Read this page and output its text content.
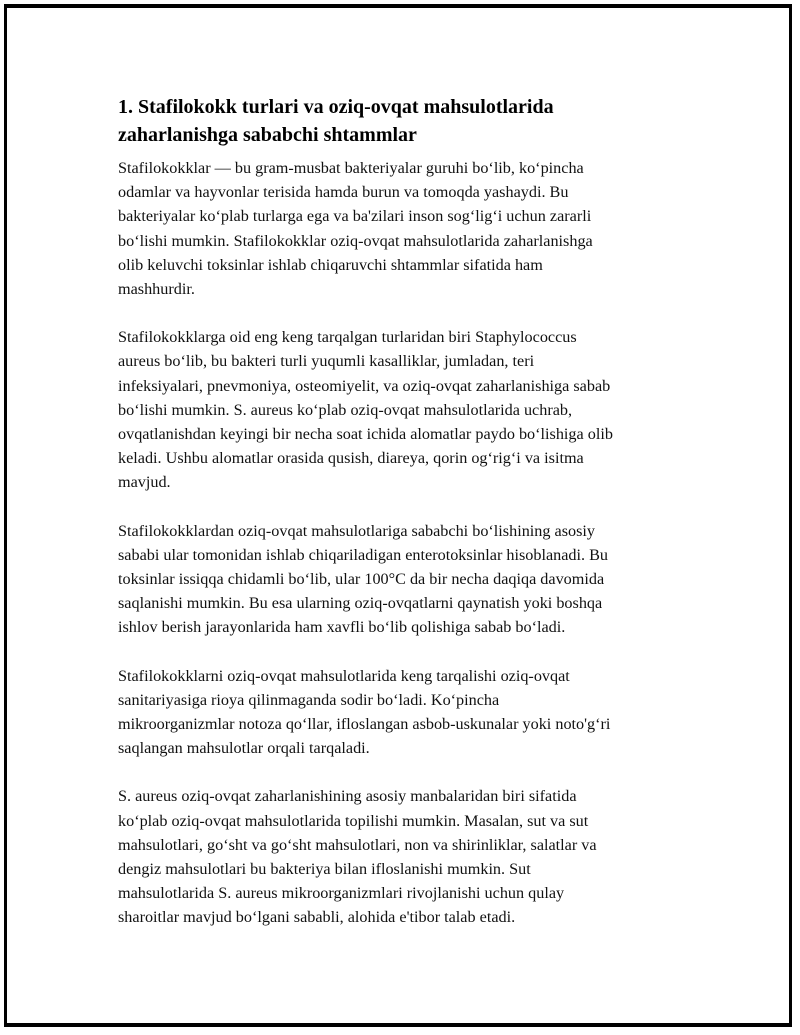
1. Stafilokokk turlari va oziq-ovqat mahsulotlarida
zaharlanishga sababchi shtammlar

Stafilokokklar — bu gram-musbat bakteriyalar guruhi bo‘lib, ko‘pincha
odamlar va hayvonlar terisida hamda burun va tomoqda yashaydi. Bu
bakteriyalar ko‘plab turlarga ega va ba'zilari inson sog‘lig‘i uchun zararli
bo‘lishi mumkin. Stafilokokklar oziq-ovqat mahsulotlarida zaharlanishga
olib keluvchi toksinlar ishlab chiqaruvchi shtammlar sifatida ham
mashhurdir.

Stafilokokklarga oid eng keng tarqalgan turlaridan biri Staphylococcus
aureus bo‘lib, bu bakteri turli yuqumli kasalliklar, jumladan, teri
infeksiyalari, pnevmoniya, osteomiyelit, va oziq-ovqat zaharlanishiga sabab
bo‘lishi mumkin. S. aureus ko‘plab oziq-ovqat mahsulotlarida uchrab,
ovqatlanishdan keyingi bir necha soat ichida alomatlar paydo bo‘lishiga olib
keladi. Ushbu alomatlar orasida qusish, diareya, qorin og‘rig‘i va isitma
mavjud.

Stafilokokklardan oziq-ovqat mahsulotlariga sababchi bo‘lishining asosiy
sababi ular tomonidan ishlab chiqariladigan enterotoksinlar hisoblanadi. Bu
toksinlar issiqqa chidamli bo‘lib, ular 100°C da bir necha daqiqa davomida
saqlanishi mumkin. Bu esa ularning oziq-ovqatlarni qaynatish yoki boshqa
ishlov berish jarayonlarida ham xavfli bo‘lib qolishiga sabab bo‘ladi.

Stafilokokklarni oziq-ovqat mahsulotlarida keng tarqalishi oziq-ovqat
sanitariyasiga rioya qilinmaganda sodir bo‘ladi. Ko‘pincha
mikroorganizmlar notoza qo‘llar, ifloslangan asbob-uskunalar yoki noto'g‘ri
saqlangan mahsulotlar orqali tarqaladi.

S. aureus oziq-ovqat zaharlanishining asosiy manbalaridan biri sifatida
ko‘plab oziq-ovqat mahsulotlarida topilishi mumkin. Masalan, sut va sut
mahsulotlari, go‘sht va go‘sht mahsulotlari, non va shirinliklar, salatlar va
dengiz mahsulotlari bu bakteriya bilan ifloslanishi mumkin. Sut
mahsulotlarida S. aureus mikroorganizmlari rivojlanishi uchun qulay
sharoitlar mavjud bo‘lgani sababli, alohida e'tibor talab etadi.
